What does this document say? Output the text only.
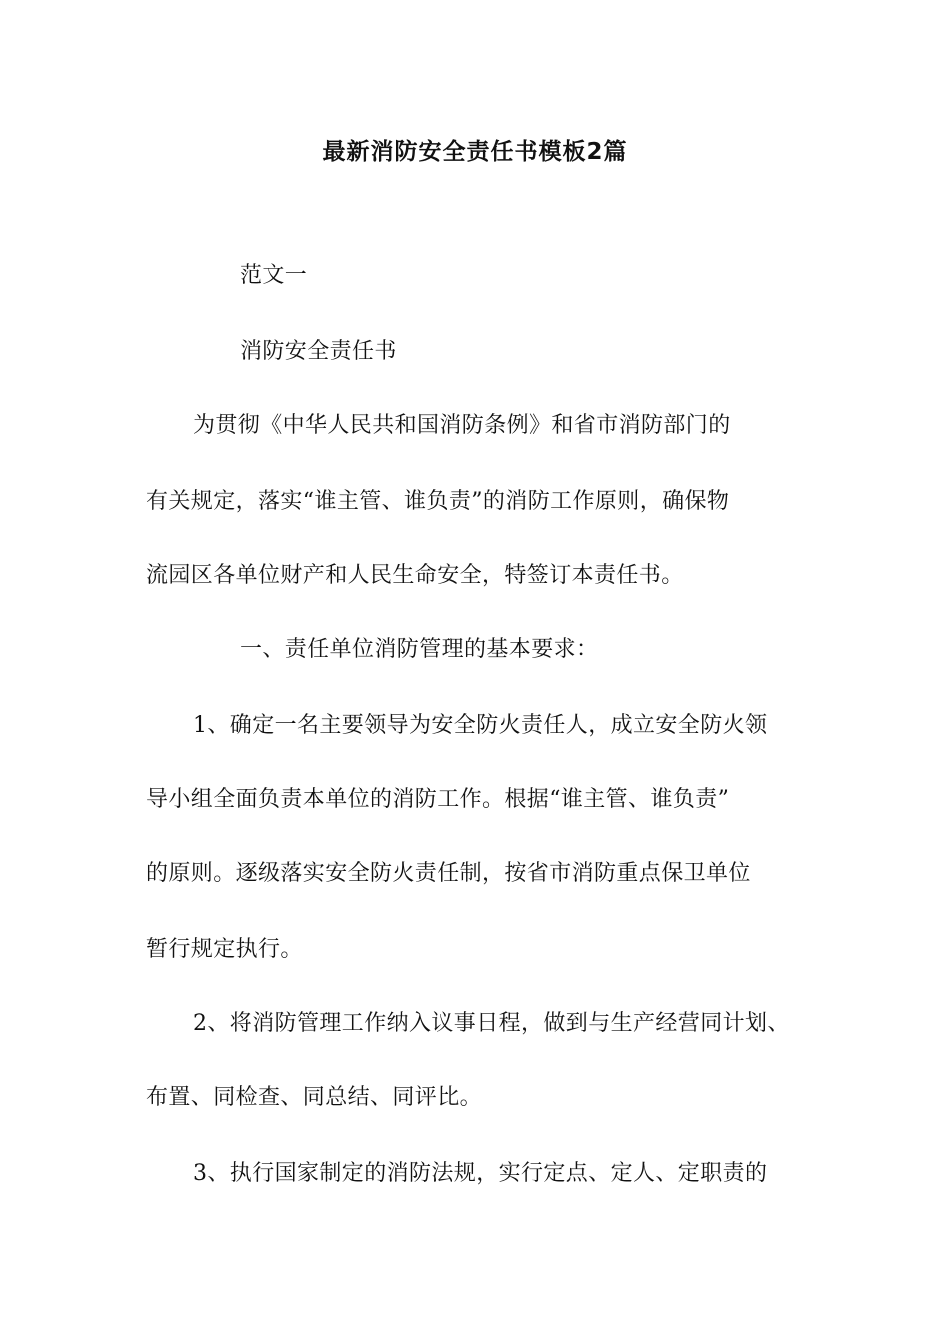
最新消防安全责任书模板2篇
范文一
消防安全责任书
为贯彻《中华人民共和国消防条例》和省市消防部门的
有关规定，落实“谁主管、谁负责”的消防工作原则，确保物
流园区各单位财产和人民生命安全，特签订本责任书。
一、责任单位消防管理的基本要求：
1、确定一名主要领导为安全防火责任人，成立安全防火领
导小组全面负责本单位的消防工作。根据“谁主管、谁负责”
的原则。逐级落实安全防火责任制，按省市消防重点保卫单位
暂行规定执行。
2、将消防管理工作纳入议事日程，做到与生产经营同计划、
布置、同检查、同总结、同评比。
3、执行国家制定的消防法规，实行定点、定人、定职责的
